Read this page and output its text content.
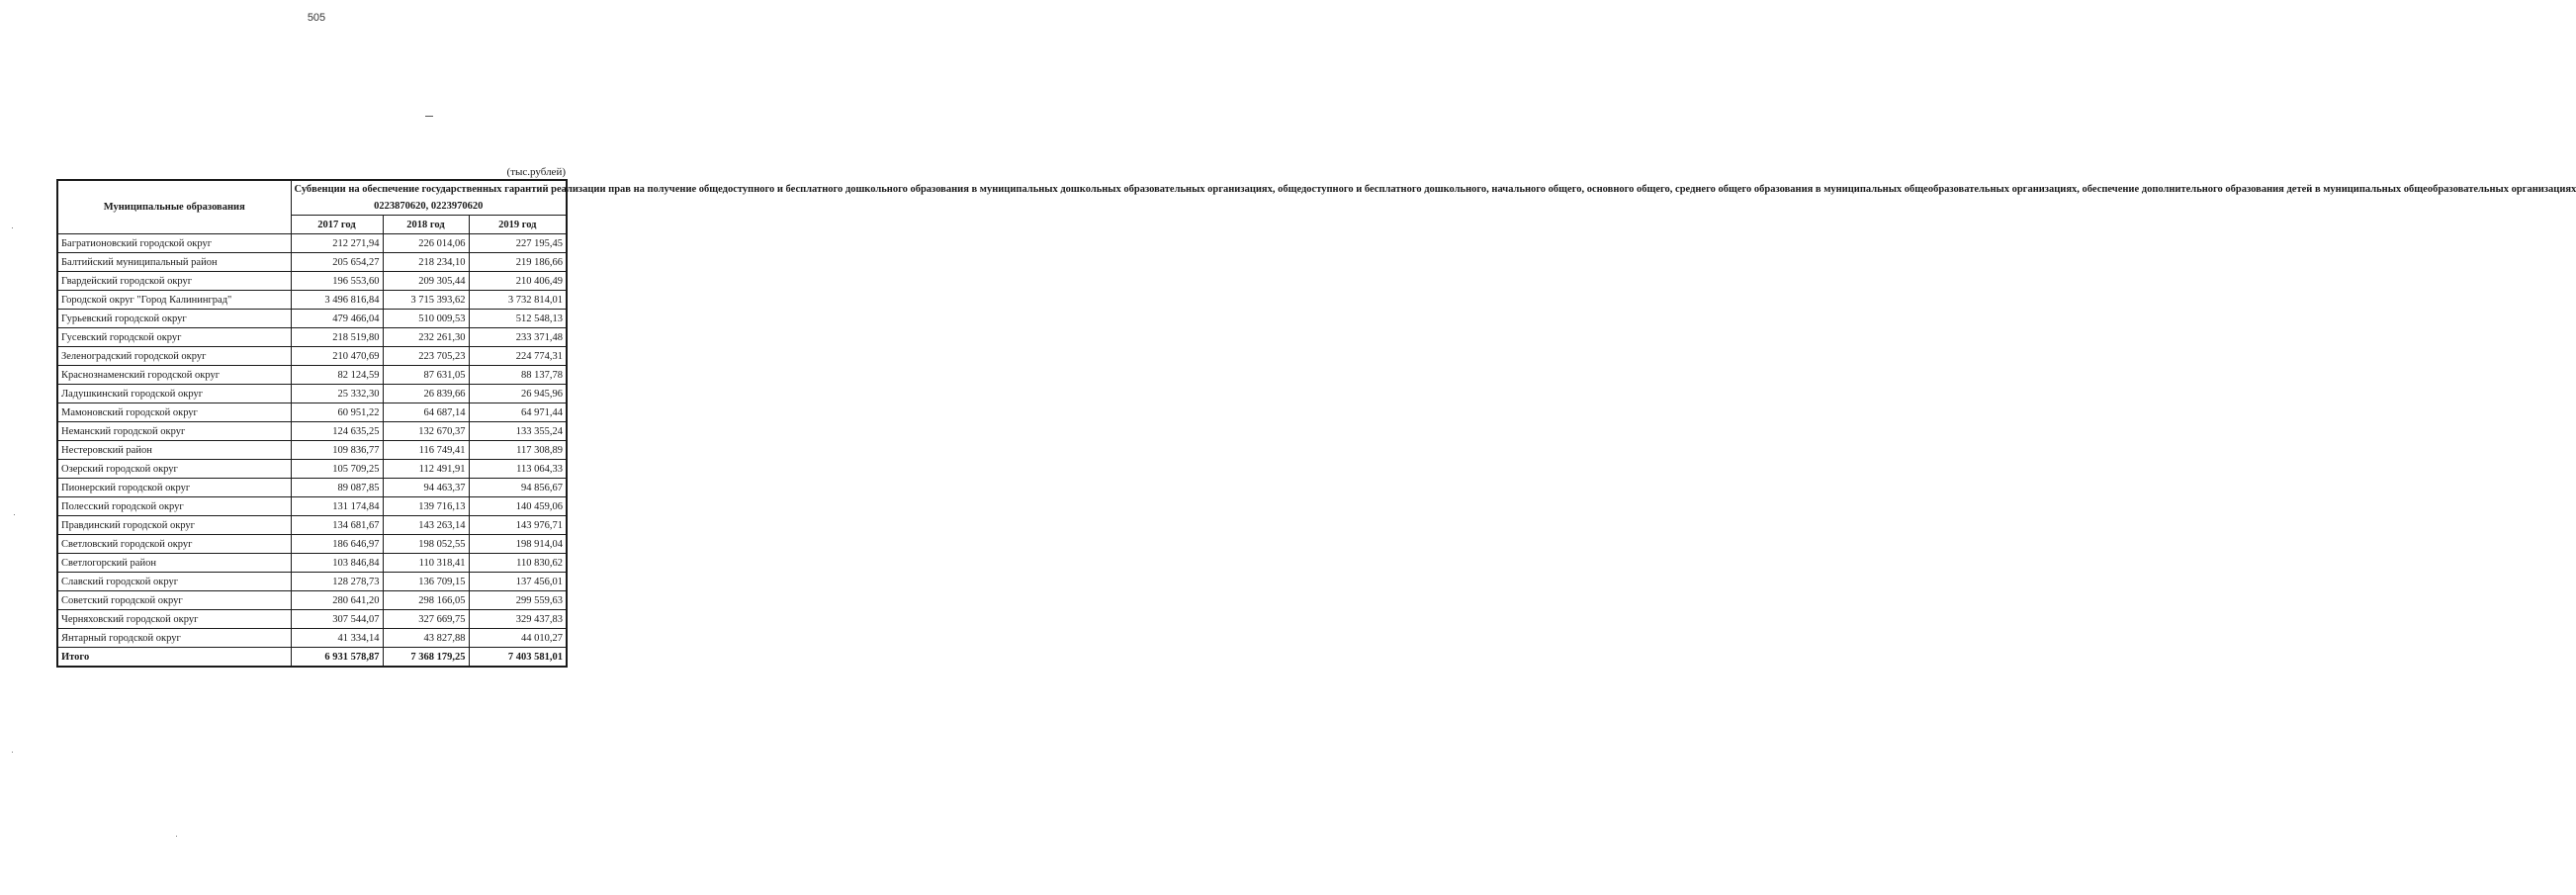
505
(тыс.рублей)
Муниципальные образования	Субвенции на обеспечение государственных гарантий реализации прав на получение общедоступного и бесплатного дошкольного образования в муниципальных дошкольных образовательных организациях, общедоступного и бесплатного дошкольного, начального общего, основного общего, среднего общего образования в муниципальных общеобразовательных организациях, обеспечение дополнительного образования детей в муниципальных общеобразовательных организациях
0223870620, 0223970620		

	2017 год	2018 год	2019 год
Багратионовский городской округ	212 271,94	226 014,06	227 195,45
Балтийский муниципальный район	205 654,27	218 234,10	219 186,66
Гвардейский городской округ	196 553,60	209 305,44	210 406,49
Городской округ "Город Калининград"	3 496 816,84	3 715 393,62	3 732 814,01
Гурьевский городской округ	479 466,04	510 009,53	512 548,13
Гусевский городской округ	218 519,80	232 261,30	233 371,48
Зеленоградский городской округ	210 470,69	223 705,23	224 774,31
Краснознаменский городской округ	82 124,59	87 631,05	88 137,78
Ладушкинский городской округ	25 332,30	26 839,66	26 945,96
Мамоновский городской округ	60 951,22	64 687,14	64 971,44
Неманский городской округ	124 635,25	132 670,37	133 355,24
Нестеровский район	109 836,77	116 749,41	117 308,89
Озерский городской округ	105 709,25	112 491,91	113 064,33
Пионерский городской округ	89 087,85	94 463,37	94 856,67
Полесский городской округ	131 174,84	139 716,13	140 459,06
Правдинский городской округ	134 681,67	143 263,14	143 976,71
Светловский городской округ	186 646,97	198 052,55	198 914,04
Светлогорский район	103 846,84	110 318,41	110 830,62
Славский городской округ	128 278,73	136 709,15	137 456,01
Советский городской округ	280 641,20	298 166,05	299 559,63
Черняховский городской округ	307 544,07	327 669,75	329 437,83
Янтарный городской округ	41 334,14	43 827,88	44 010,27
Итого	6 931 578,87	7 368 179,25	7 403 581,01
